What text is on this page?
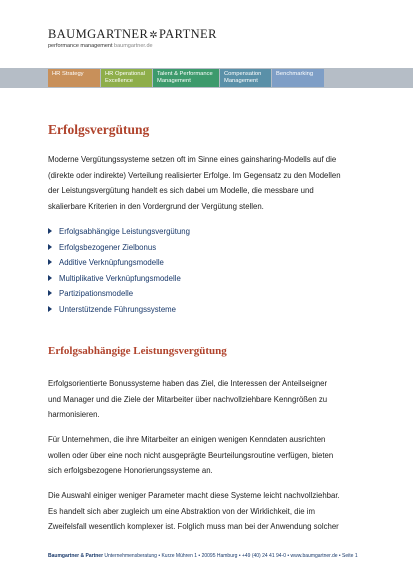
BAUMGARTNER✲PARTNER
performance management baumgartner.de
HR Strategy	HR Operational
Excellence
Talent & Performance
Management
Compensation
Management
Benchmarking
Erfolgsvergütung
Moderne Vergütungssysteme setzen oft im Sinne eines gainsharing-Modells auf die
(direkte oder indirekte) Verteilung realisierter Erfolge. Im Gegensatz zu den Modellen
der Leistungsvergütung handelt es sich dabei um Modelle, die messbare und
skalierbare Kriterien in den Vordergrund der Vergütung stellen.
Erfolgsabhängige Leistungsvergütung
Erfolgsbezogener Zielbonus
Additive Verknüpfungsmodelle
Multiplikative Verknüpfungsmodelle
Partizipationsmodelle
Unterstützende Führungssysteme
Erfolgsabhängige Leistungsvergütung
Erfolgsorientierte Bonussysteme haben das Ziel, die Interessen der Anteilseigner
und Manager und die Ziele der Mitarbeiter über nachvollziehbare Kenngrößen zu
harmonisieren.
Für Unternehmen, die ihre Mitarbeiter an einigen wenigen Kenndaten ausrichten
wollen oder über eine noch nicht ausgeprägte Beurteilungsroutine verfügen, bieten
sich erfolgsbezogene Honorierungssysteme an.
Die Auswahl einiger weniger Parameter macht diese Systeme leicht nachvollziehbar.
Es handelt sich aber zugleich um eine Abstraktion von der Wirklichkeit, die im
Zweifelsfall wesentlich komplexer ist. Folglich muss man bei der Anwendung solcher
Baumgartner & Partner Unternehmensberatung • Kurze Mühren 1 • 20095 Hamburg • +49 (40) 24 41 94-0 • www.baumgartner.de • Seite 1
